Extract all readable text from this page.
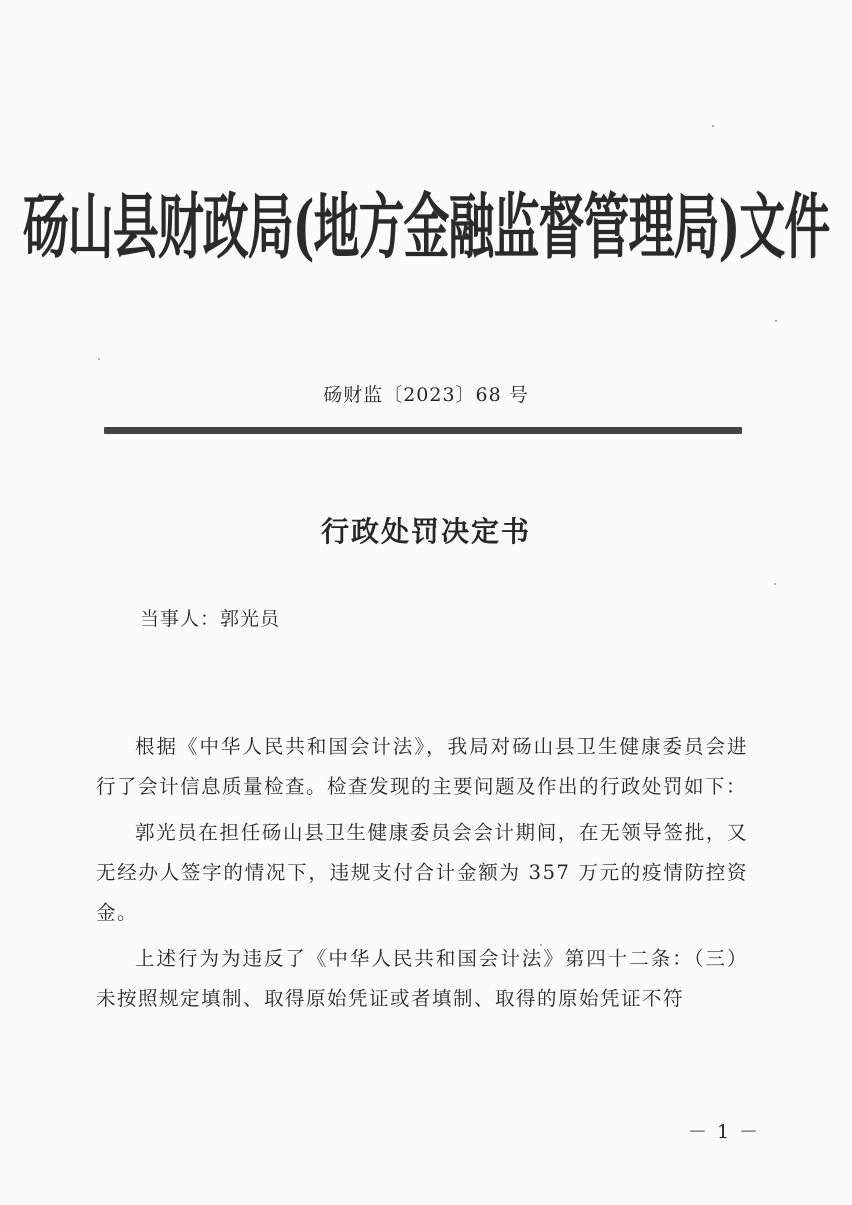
砀山县财政局(地方金融监督管理局)文件
砀财监〔2023〕68 号
行政处罚决定书
当事人：郭光员

根据《中华人民共和国会计法》，我局对砀山县卫生健康委员会进行了会计信息质量检查。检查发现的主要问题及作出的行政处罚如下：

郭光员在担任砀山县卫生健康委员会会计期间，在无领导签批，又无经办人签字的情况下，违规支付合计金额为 357 万元的疫情防控资金。

上述行为为违反了《中华人民共和国会计法》第四十二条：（三）未按照规定填制、取得原始凭证或者填制、取得的原始凭证不符

－ 1 －
